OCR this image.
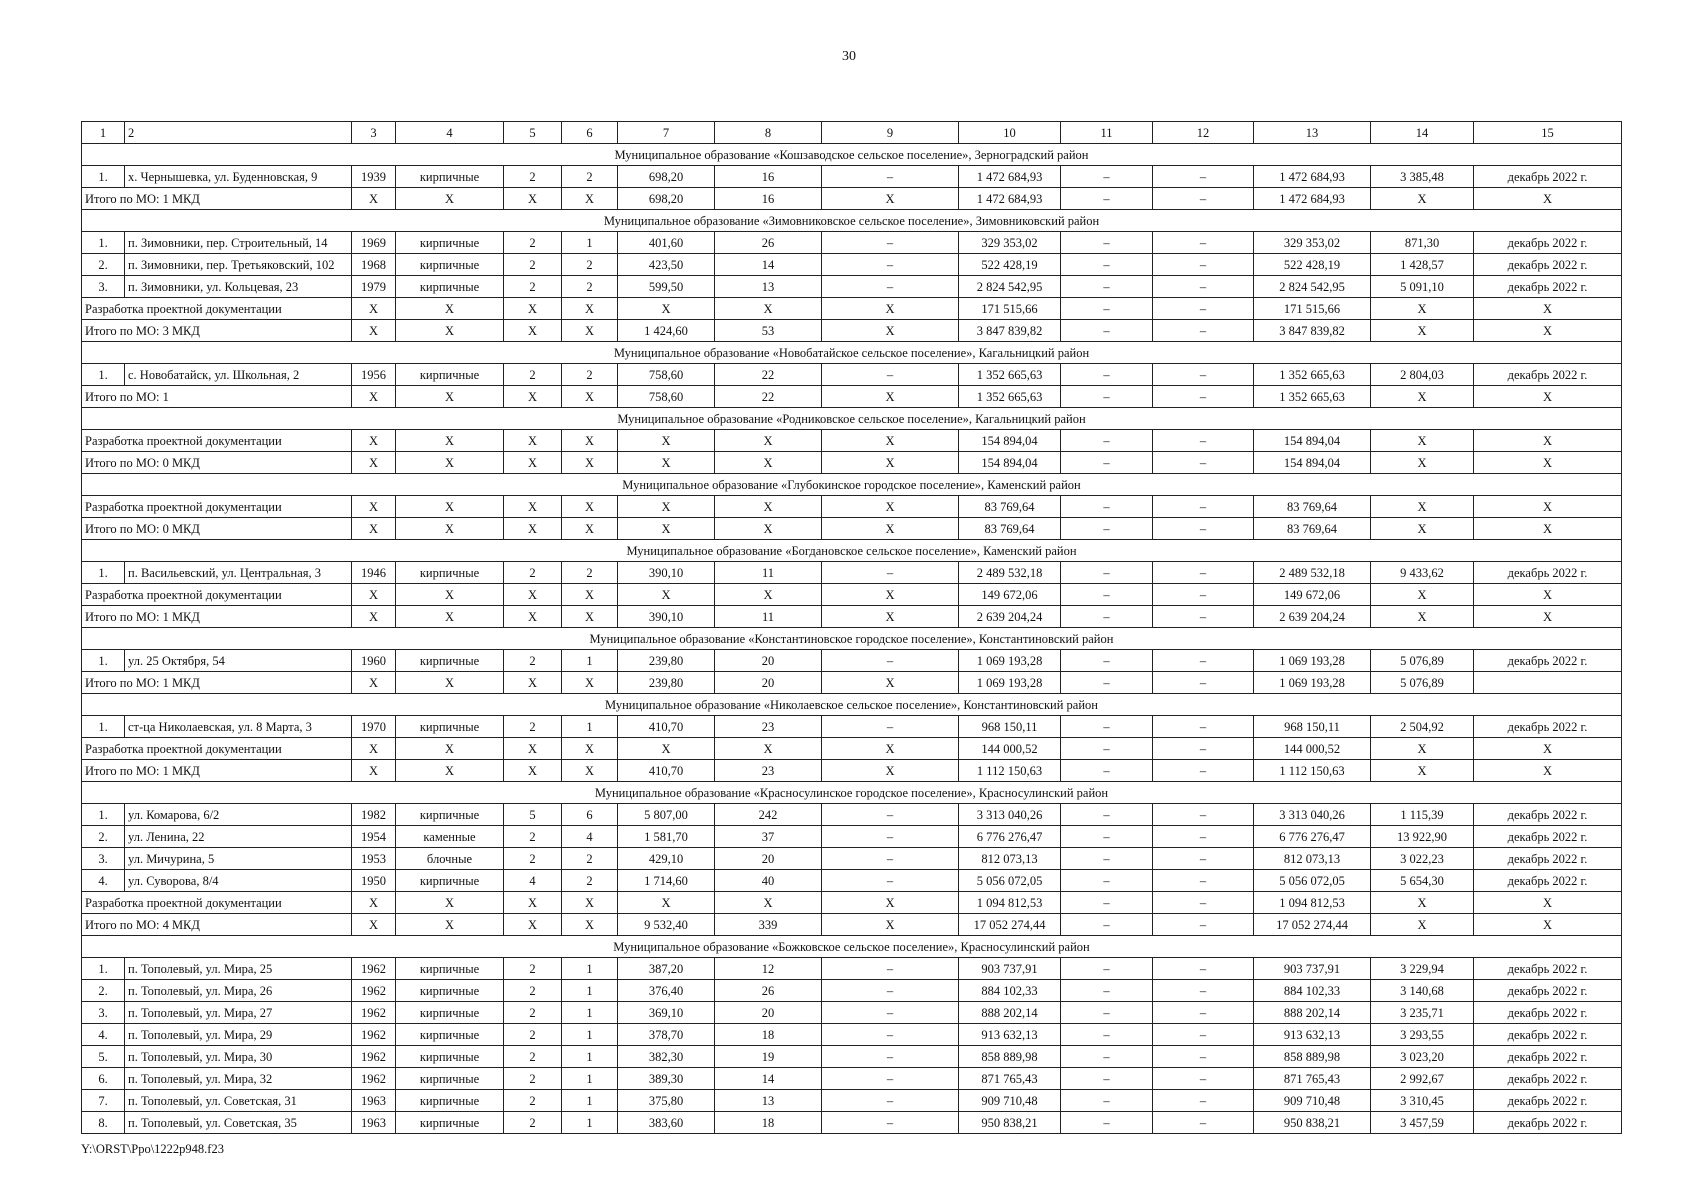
30
1	2	3	4	5	6	7	8	9	10	11	12	13	14	15
Муниципальное образование «Кошзаводское сельское поселение», Зерноградский район														
1.	х. Чернышевка, ул. Буденновская, 9	1939	кирпичные	2	2	698,20	16	–	1 472 684,93	–	–	1 472 684,93	3 385,48	декабрь 2022 г.
Итого по МО: 1 МКД		X	X	X	X	698,20	16	X	1 472 684,93	–	–	1 472 684,93	X	X
Муниципальное образование «Зимовниковское сельское поселение», Зимовниковский район														
1.	п. Зимовники, пер. Строительный, 14	1969	кирпичные	2	1	401,60	26	–	329 353,02	–	–	329 353,02	871,30	декабрь 2022 г.
2.	п. Зимовники, пер. Третьяковский, 102	1968	кирпичные	2	2	423,50	14	–	522 428,19	–	–	522 428,19	1 428,57	декабрь 2022 г.
3.	п. Зимовники, ул. Кольцевая, 23	1979	кирпичные	2	2	599,50	13	–	2 824 542,95	–	–	2 824 542,95	5 091,10	декабрь 2022 г.
Разработка проектной документации		X	X	X	X	X	X	X	171 515,66	–	–	171 515,66	X	X
Итого по МО: 3 МКД		X	X	X	X	1 424,60	53	X	3 847 839,82	–	–	3 847 839,82	X	X
Муниципальное образование «Новобатайское сельское поселение», Кагальницкий район														
1.	с. Новобатайск, ул. Школьная, 2	1956	кирпичные	2	2	758,60	22	–	1 352 665,63	–	–	1 352 665,63	2 804,03	декабрь 2022 г.
Итого по МО: 1		X	X	X	X	758,60	22	X	1 352 665,63	–	–	1 352 665,63	X	X
Муниципальное образование «Родниковское сельское поселение», Кагальницкий район														
Разработка проектной документации		X	X	X	X	X	X	X	154 894,04	–	–	154 894,04	X	X
Итого по МО: 0 МКД		X	X	X	X	X	X	X	154 894,04	–	–	154 894,04	X	X
Муниципальное образование «Глубокинское городское поселение», Каменский район														
Разработка проектной документации		X	X	X	X	X	X	X	83 769,64	–	–	83 769,64	X	X
Итого по МО: 0 МКД		X	X	X	X	X	X	X	83 769,64	–	–	83 769,64	X	X
Муниципальное образование «Богдановское сельское поселение», Каменский район														
1.	п. Васильевский, ул. Центральная, 3	1946	кирпичные	2	2	390,10	11	–	2 489 532,18	–	–	2 489 532,18	9 433,62	декабрь 2022 г.
Разработка проектной документации		X	X	X	X	X	X	X	149 672,06	–	–	149 672,06	X	X
Итого по МО: 1 МКД		X	X	X	X	390,10	11	X	2 639 204,24	–	–	2 639 204,24	X	X
Муниципальное образование «Константиновское городское поселение», Константиновский район														
1.	ул. 25 Октября, 54	1960	кирпичные	2	1	239,80	20	–	1 069 193,28	–	–	1 069 193,28	5 076,89	декабрь 2022 г.
Итого по МО: 1 МКД		X	X	X	X	239,80	20	X	1 069 193,28	–	–	1 069 193,28	5 076,89	
Муниципальное образование «Николаевское сельское поселение», Константиновский район														
1.	ст-ца Николаевская, ул. 8 Марта, 3	1970	кирпичные	2	1	410,70	23	–	968 150,11	–	–	968 150,11	2 504,92	декабрь 2022 г.
Разработка проектной документации		X	X	X	X	X	X	X	144 000,52	–	–	144 000,52	X	X
Итого по МО: 1 МКД		X	X	X	X	410,70	23	X	1 112 150,63	–	–	1 112 150,63	X	X
Муниципальное образование «Красносулинское городское поселение», Красносулинский район														
1.	ул. Комарова, 6/2	1982	кирпичные	5	6	5 807,00	242	–	3 313 040,26	–	–	3 313 040,26	1 115,39	декабрь 2022 г.
2.	ул. Ленина, 22	1954	каменные	2	4	1 581,70	37	–	6 776 276,47	–	–	6 776 276,47	13 922,90	декабрь 2022 г.
3.	ул. Мичурина, 5	1953	блочные	2	2	429,10	20	–	812 073,13	–	–	812 073,13	3 022,23	декабрь 2022 г.
4.	ул. Суворова, 8/4	1950	кирпичные	4	2	1 714,60	40	–	5 056 072,05	–	–	5 056 072,05	5 654,30	декабрь 2022 г.
Разработка проектной документации		X	X	X	X	X	X	X	1 094 812,53	–	–	1 094 812,53	X	X
Итого по МО: 4 МКД		X	X	X	X	9 532,40	339	X	17 052 274,44	–	–	17 052 274,44	X	X
Муниципальное образование «Божковское сельское поселение», Красносулинский район														
1.	п. Тополевый, ул. Мира, 25	1962	кирпичные	2	1	387,20	12	–	903 737,91	–	–	903 737,91	3 229,94	декабрь 2022 г.
2.	п. Тополевый, ул. Мира, 26	1962	кирпичные	2	1	376,40	26	–	884 102,33	–	–	884 102,33	3 140,68	декабрь 2022 г.
3.	п. Тополевый, ул. Мира, 27	1962	кирпичные	2	1	369,10	20	–	888 202,14	–	–	888 202,14	3 235,71	декабрь 2022 г.
4.	п. Тополевый, ул. Мира, 29	1962	кирпичные	2	1	378,70	18	–	913 632,13	–	–	913 632,13	3 293,55	декабрь 2022 г.
5.	п. Тополевый, ул. Мира, 30	1962	кирпичные	2	1	382,30	19	–	858 889,98	–	–	858 889,98	3 023,20	декабрь 2022 г.
6.	п. Тополевый, ул. Мира, 32	1962	кирпичные	2	1	389,30	14	–	871 765,43	–	–	871 765,43	2 992,67	декабрь 2022 г.
7.	п. Тополевый, ул. Советская, 31	1963	кирпичные	2	1	375,80	13	–	909 710,48	–	–	909 710,48	3 310,45	декабрь 2022 г.
8.	п. Тополевый, ул. Советская, 35	1963	кирпичные	2	1	383,60	18	–	950 838,21	–	–	950 838,21	3 457,59	декабрь 2022 г.
Y:\ORST\Ppo\1222p948.f23
